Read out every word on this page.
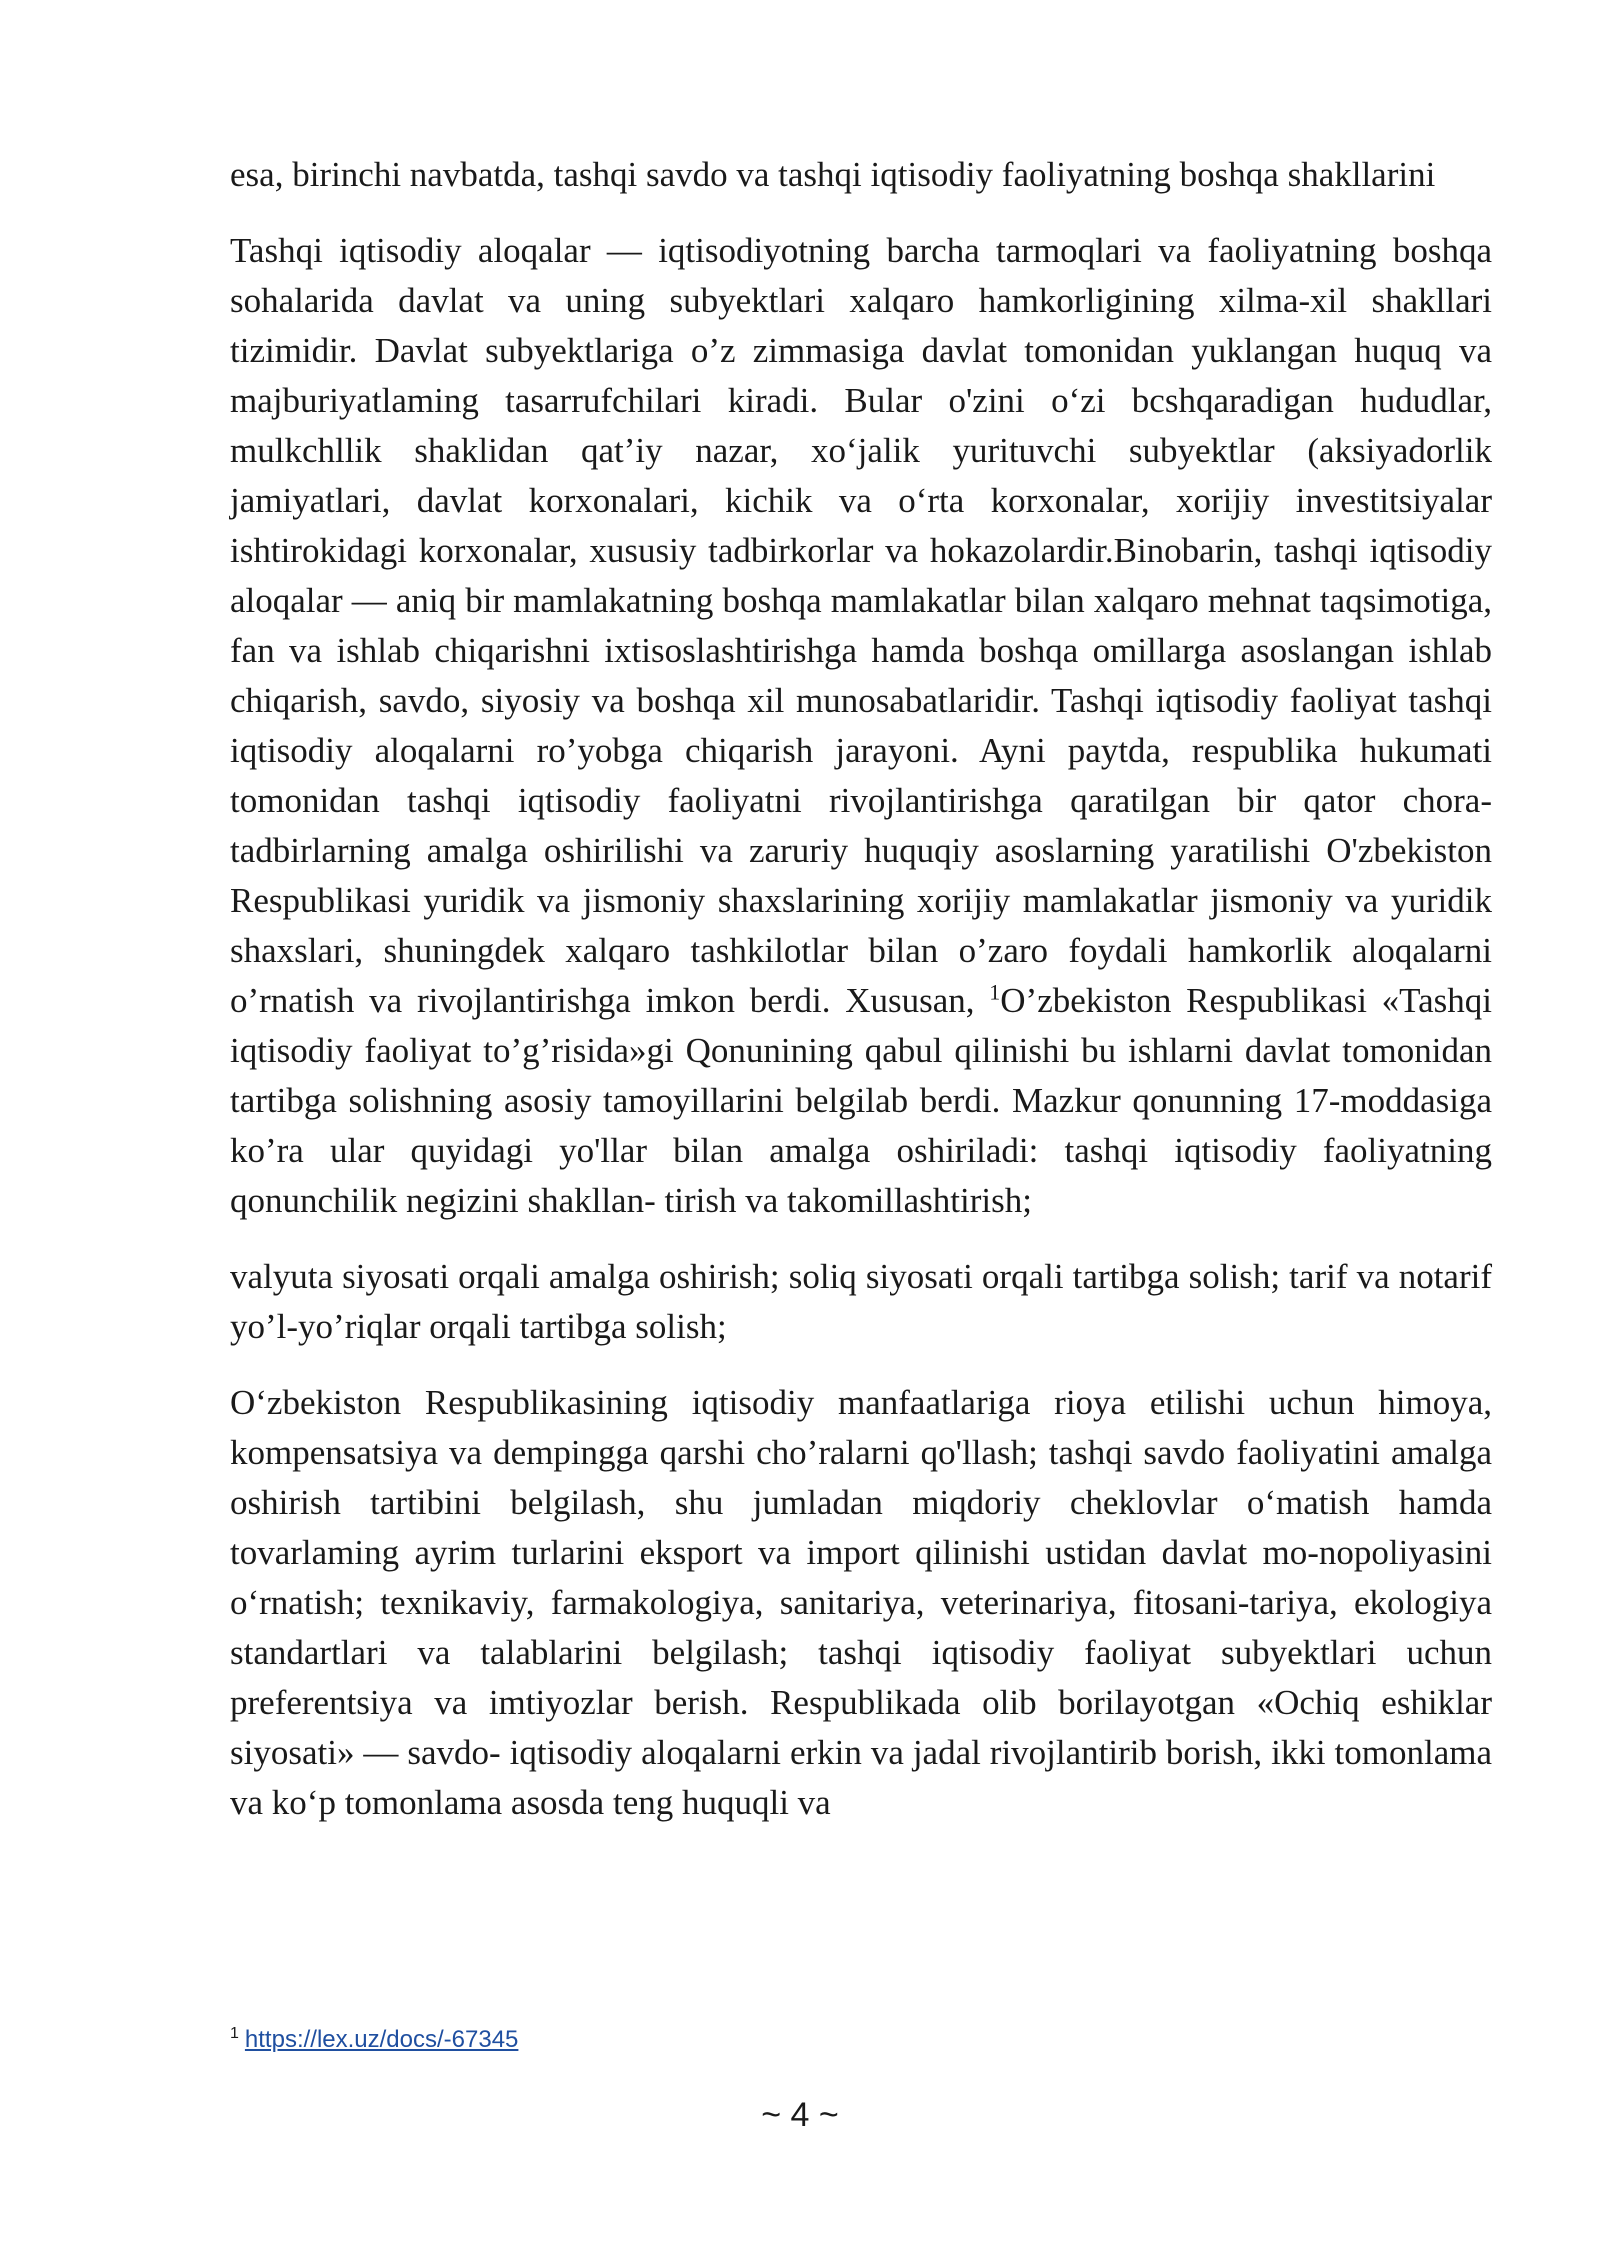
esa, birinchi navbatda, tashqi savdo va tashqi iqtisodiy faoliyatning boshqa shakllarini

Tashqi iqtisodiy aloqalar — iqtisodiyotning barcha tarmoqlari va faoliyatning boshqa sohalarida davlat va uning subyektlari xalqaro hamkorligining xilma-xil shakllari tizimidir. Davlat subyektlariga o’z zimmasiga davlat tomonidan yuklangan huquq va majburiyatlaming tasarrufchilari kiradi. Bular o'zini o‘zi bcshqaradigan hududlar, mulkchllik shaklidan qat’iy nazar, xo‘jalik yurituvchi subyektlar (aksiyadorlik jamiyatlari, davlat korxonalari, kichik va o‘rta korxonalar, xorijiy investitsiyalar ishtirokidagi korxonalar, xususiy tadbirkorlar va hokazolardir.Binobarin, tashqi iqtisodiy aloqalar — aniq bir mamlakatning boshqa mamlakatlar bilan xalqaro mehnat taqsimotiga, fan va ishlab chiqarishni ixtisoslashtirishga hamda boshqa omillarga asoslangan ishlab chiqarish, savdo, siyosiy va boshqa xil munosabatlaridir. Tashqi iqtisodiy faoliyat tashqi iqtisodiy aloqalarni ro’yobga chiqarish jarayoni. Ayni paytda, respublika hukumati tomonidan tashqi iqtisodiy faoliyatni rivojlantirishga qaratilgan bir qator chora-tadbirlarning amalga oshirilishi va zaruriy huquqiy asoslarning yaratilishi O'zbekiston Respublikasi yuridik va jismoniy shaxslarining xorijiy mamlakatlar jismoniy va yuridik shaxslari, shuningdek xalqaro tashkilotlar bilan o’zaro foydali hamkorlik aloqalarni o’rnatish va rivojlantirishga imkon berdi. Xususan, $^1$O’zbekiston Respublikasi «Tashqi iqtisodiy faoliyat to’g’risida»gi Qonunining qabul qilinishi bu ishlarni davlat tomonidan tartibga solishning asosiy tamoyillarini belgilab berdi. Mazkur qonunning 17-moddasiga ko’ra ular quyidagi yo'llar bilan amalga oshiriladi: tashqi iqtisodiy faoliyatning qonunchilik negizini shakllan- tirish va takomillashtirish;

valyuta siyosati orqali amalga oshirish; soliq siyosati orqali tartibga solish; tarif va notarif yo’l-yo’riqlar orqali tartibga solish;

O‘zbekiston Respublikasining iqtisodiy manfaatlariga rioya etilishi uchun himoya, kompensatsiya va dempingga qarshi cho’ralarni qo'llash; tashqi savdo faoliyatini amalga oshirish tartibini belgilash, shu jumladan miqdoriy cheklovlar o‘matish hamda tovarlaming ayrim turlarini eksport va import qilinishi ustidan davlat mo-nopoliyasini o‘rnatish; texnikaviy, farmakologiya, sanitariya, veterinariya, fitosani-tariya, ekologiya standartlari va talablarini belgilash; tashqi iqtisodiy faoliyat subyektlari uchun preferentsiya va imtiyozlar berish. Respublikada olib borilayotgan «Ochiq eshiklar siyosati» — savdo- iqtisodiy aloqalarni erkin va jadal rivojlantirib borish, ikki tomonlama va ko‘p tomonlama asosda teng huquqli va

$^1$ https://lex.uz/docs/-67345
~ 4 ~
